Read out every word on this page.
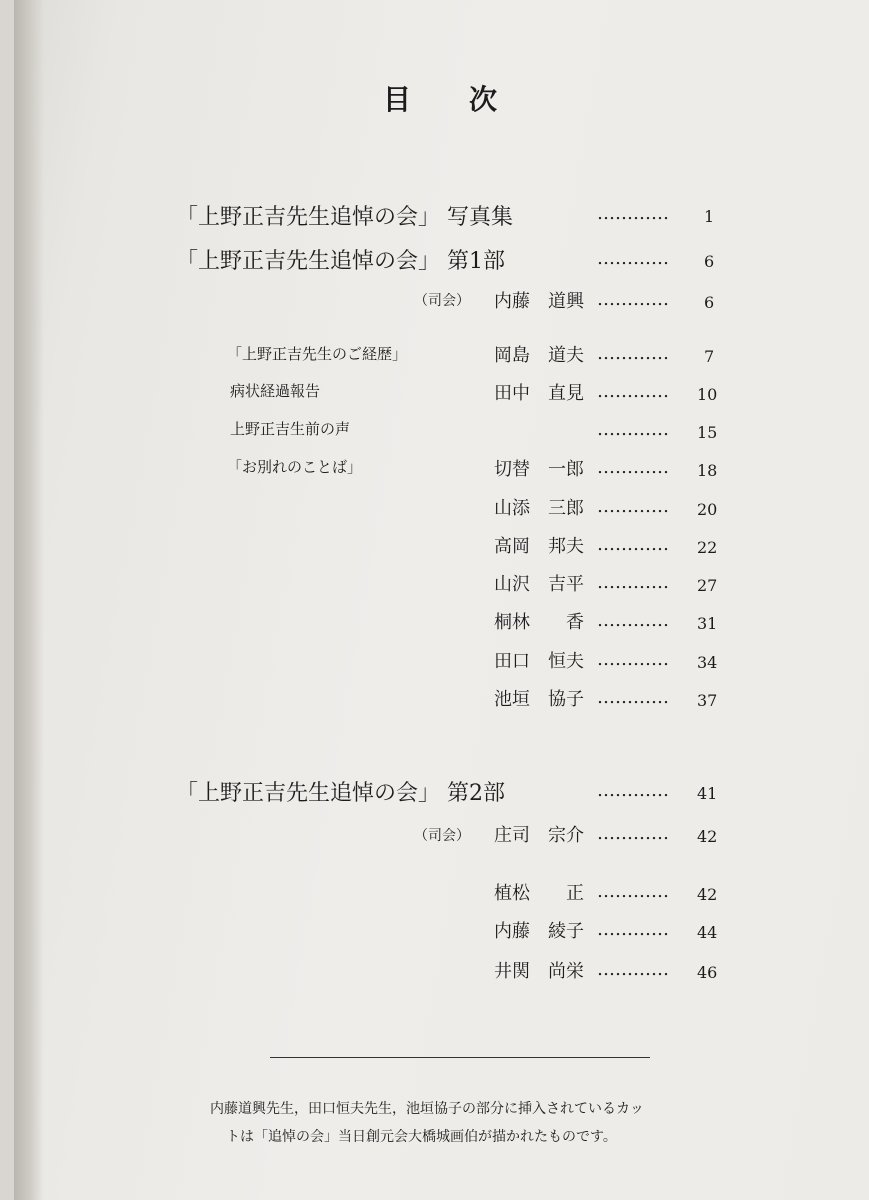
目次
「上野正吉先生追悼の会」 写真集	………… 1
「上野正吉先生追悼の会」 第1部	………… 6
（司会） 内藤　道興 ………… 6
「上野正吉先生のご経歴」	岡島　道夫 ………… 7
病状経過報告	田中　直見 ………… 10
上野正吉生前の声	………… 15
「お別れのことば」	切替　一郎 ………… 18
山添　三郎 ………… 20
高岡　邦夫 ………… 22
山沢　吉平 ………… 27
桐林　　香 ………… 31
田口　恒夫 ………… 34
池垣　協子 ………… 37
「上野正吉先生追悼の会」 第2部	………… 41
（司会） 庄司　宗介 ………… 42
植松　　正 ………… 42
内藤　綾子 ………… 44
井関　尚栄 ………… 46
内藤道興先生，田口恒夫先生，池垣協子の部分に挿入されているカッ
トは「追悼の会」当日創元会大橋城画伯が描かれたものです。
